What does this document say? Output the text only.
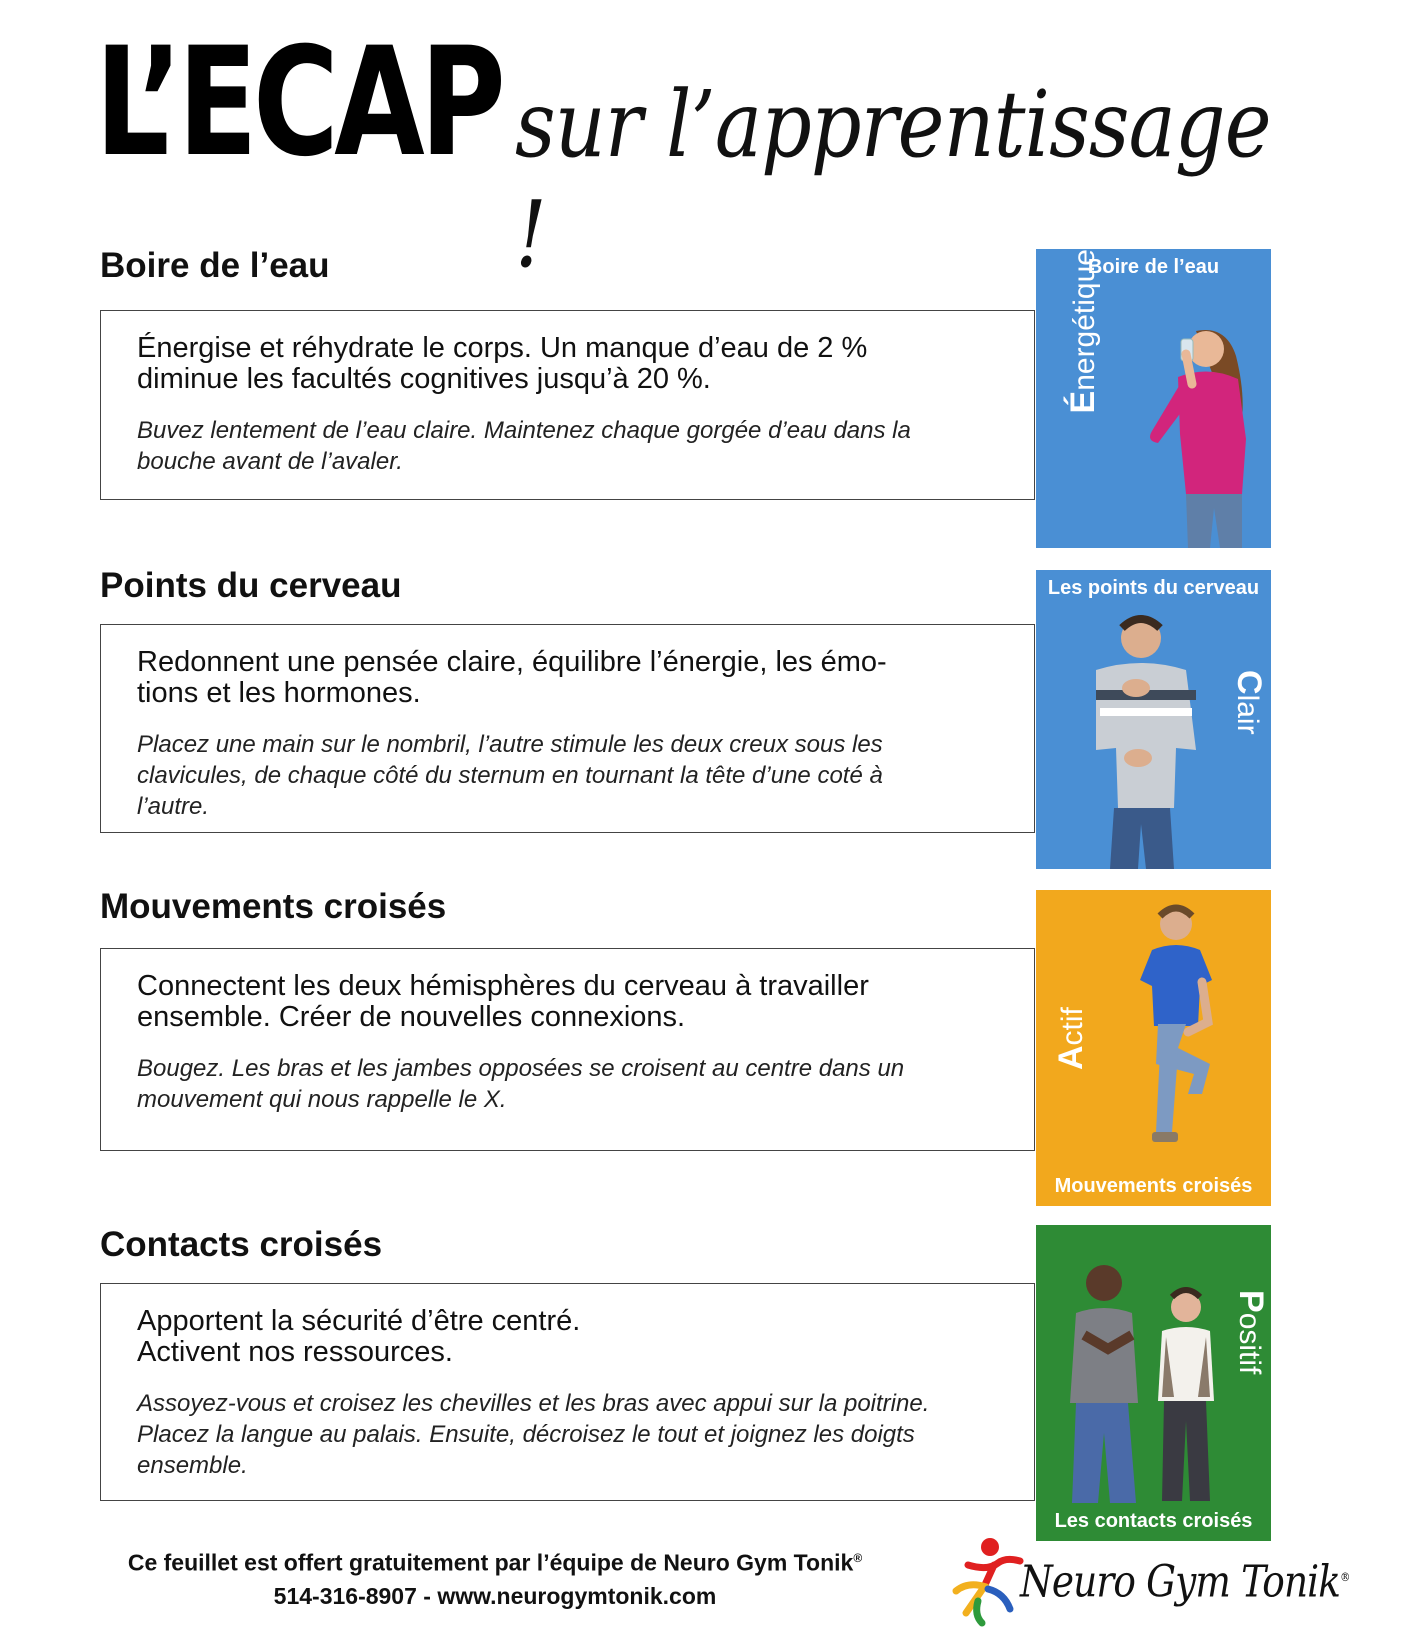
L’ECAP sur l’apprentissage !
Boire de l’eau
Énergise et réhydrate le corps. Un manque d’eau de 2 %
diminue les facultés cognitives jusqu’à 20 %.
Buvez lentement de l’eau claire. Maintenez chaque gorgée d’eau dans la
bouche avant de l’avaler.
Points du cerveau
Redonnent une pensée claire, équilibre l’énergie, les émo-
tions et les hormones.
Placez une main sur le nombril, l’autre stimule les deux creux sous les
clavicules, de chaque côté du sternum en tournant la tête d’une coté à
l’autre.
Mouvements croisés
Connectent les deux hémisphères du cerveau à travailler
ensemble. Créer de nouvelles connexions.
Bougez. Les bras et les jambes opposées se croisent au centre dans un
mouvement qui nous rappelle le X.
Contacts croisés
Apportent la sécurité d’être centré.
Activent nos ressources.
Assoyez-vous et croisez les chevilles et les bras avec appui sur la poitrine.
Placez la langue au palais. Ensuite, décroisez le tout et joignez les doigts
ensemble.
Boire de l’eau
Énergétique
Les points du cerveau
Clair
Actif
Mouvements croisés
Positif
Les contacts croisés
Ce feuillet est offert gratuitement par l’équipe de Neuro Gym Tonik®
514-316-8907 - www.neurogymtonik.com	Neuro Gym Tonik®
